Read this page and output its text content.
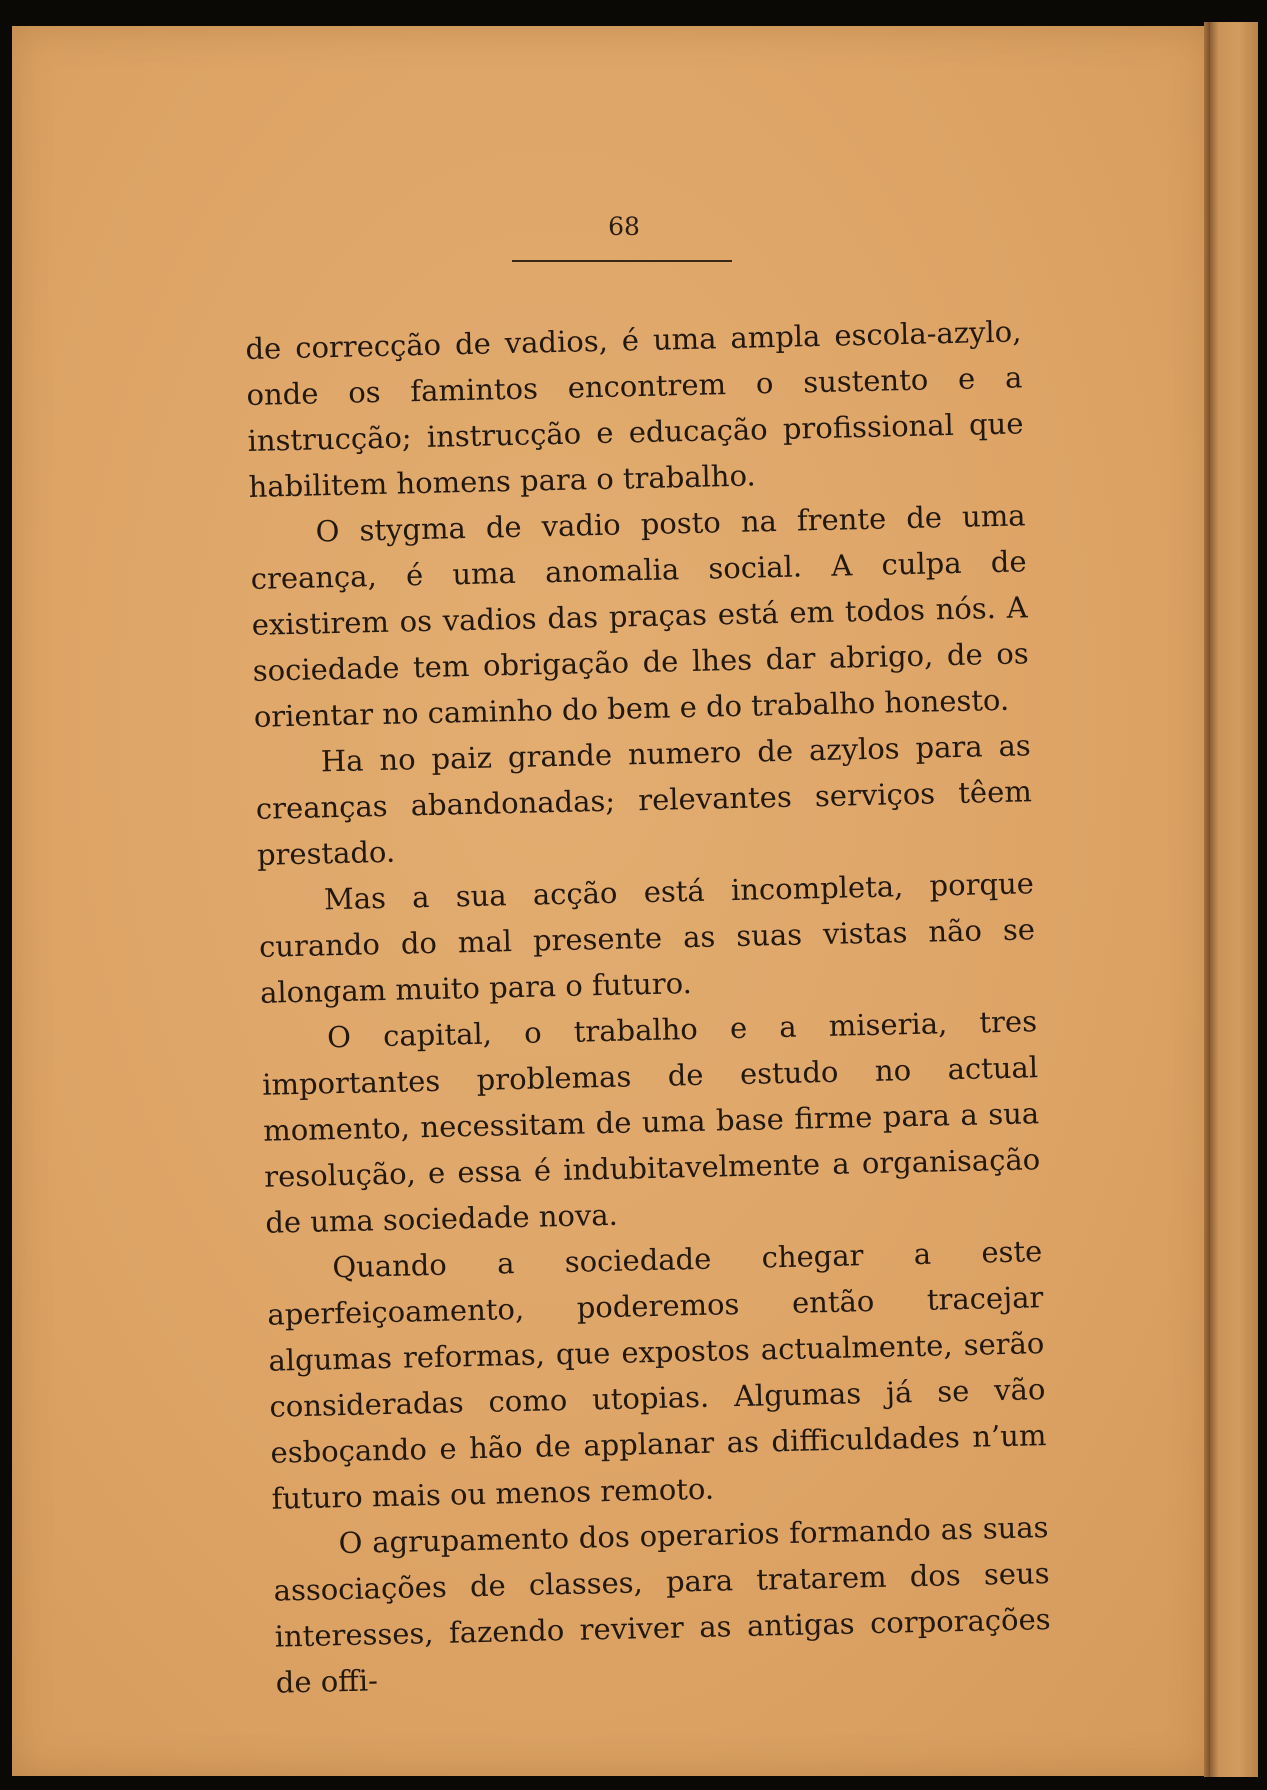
68

de correcção de vadios, é uma ampla escola-azylo, onde os famintos encontrem o sustento e a instrucção; instrucção e educação profissional que habilitem homens para o trabalho.

O stygma de vadio posto na frente de uma creança, é uma anomalia social. A culpa de existirem os vadios das praças está em todos nós. A sociedade tem obrigação de lhes dar abrigo, de os orientar no caminho do bem e do trabalho honesto.

Ha no paiz grande numero de azylos para as creanças abandonadas; relevantes serviços têem prestado.

Mas a sua acção está incompleta, porque curando do mal presente as suas vistas não se alongam muito para o futuro.

O capital, o trabalho e a miseria, tres importantes problemas de estudo no actual momento, necessitam de uma base firme para a sua resolução, e essa é indubitavelmente a organisação de uma sociedade nova.

Quando a sociedade chegar a este aperfeiçoamento, poderemos então tracejar algumas reformas, que expostos actualmente, serão consideradas como utopias. Algumas já se vão esboçando e hão de applanar as difficuldades n’um futuro mais ou menos remoto.

O agrupamento dos operarios formando as suas associações de classes, para tratarem dos seus interesses, fazendo reviver as antigas corporações de offi-
